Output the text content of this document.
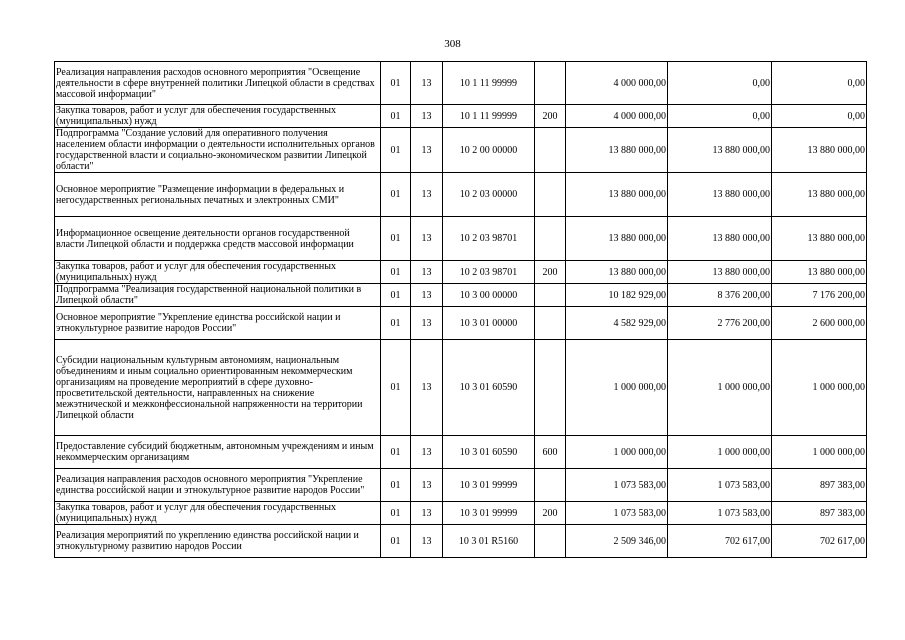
308
Реализация направления расходов основного мероприятия "Освещение деятельности в сфере внутренней политики Липецкой области в средствах массовой информации"	01	13	10 1 11 99999		4 000 000,00	0,00	0,00
Закупка товаров, работ и услуг для обеспечения государственных (муниципальных) нужд	01	13	10 1 11 99999	200	4 000 000,00	0,00	0,00
Подпрограмма "Создание условий для оперативного получения населением области информации о деятельности исполнительных органов государственной власти и социально-экономическом развитии Липецкой области"	01	13	10 2 00 00000		13 880 000,00	13 880 000,00	13 880 000,00
Основное мероприятие "Размещение информации в федеральных и негосударственных региональных печатных и электронных СМИ"	01	13	10 2 03 00000		13 880 000,00	13 880 000,00	13 880 000,00
Информационное освещение деятельности органов государственной власти Липецкой области и поддержка средств массовой информации	01	13	10 2 03 98701		13 880 000,00	13 880 000,00	13 880 000,00
Закупка товаров, работ и услуг для обеспечения государственных (муниципальных) нужд	01	13	10 2 03 98701	200	13 880 000,00	13 880 000,00	13 880 000,00
Подпрограмма "Реализация государственной национальной политики в Липецкой области"	01	13	10 3 00 00000		10 182 929,00	8 376 200,00	7 176 200,00
Основное мероприятие "Укрепление единства российской нации и этнокультурное развитие народов России"	01	13	10 3 01 00000		4 582 929,00	2 776 200,00	2 600 000,00
Субсидии национальным культурным автономиям, национальным объединениям и иным социально ориентированным некоммерческим организациям на проведение мероприятий в сфере духовно-просветительской деятельности, направленных на снижение межэтнической и межконфессиональной напряженности на территории Липецкой области	01	13	10 3 01 60590		1 000 000,00	1 000 000,00	1 000 000,00
Предоставление субсидий бюджетным, автономным учреждениям и иным некоммерческим организациям	01	13	10 3 01 60590	600	1 000 000,00	1 000 000,00	1 000 000,00
Реализация направления расходов основного мероприятия "Укрепление единства российской нации и этнокультурное развитие народов России"	01	13	10 3 01 99999		1 073 583,00	1 073 583,00	897 383,00
Закупка товаров, работ и услуг для обеспечения государственных (муниципальных) нужд	01	13	10 3 01 99999	200	1 073 583,00	1 073 583,00	897 383,00
Реализация мероприятий по укреплению единства российской нации и этнокультурному развитию народов России	01	13	10 3 01 R5160		2 509 346,00	702 617,00	702 617,00
